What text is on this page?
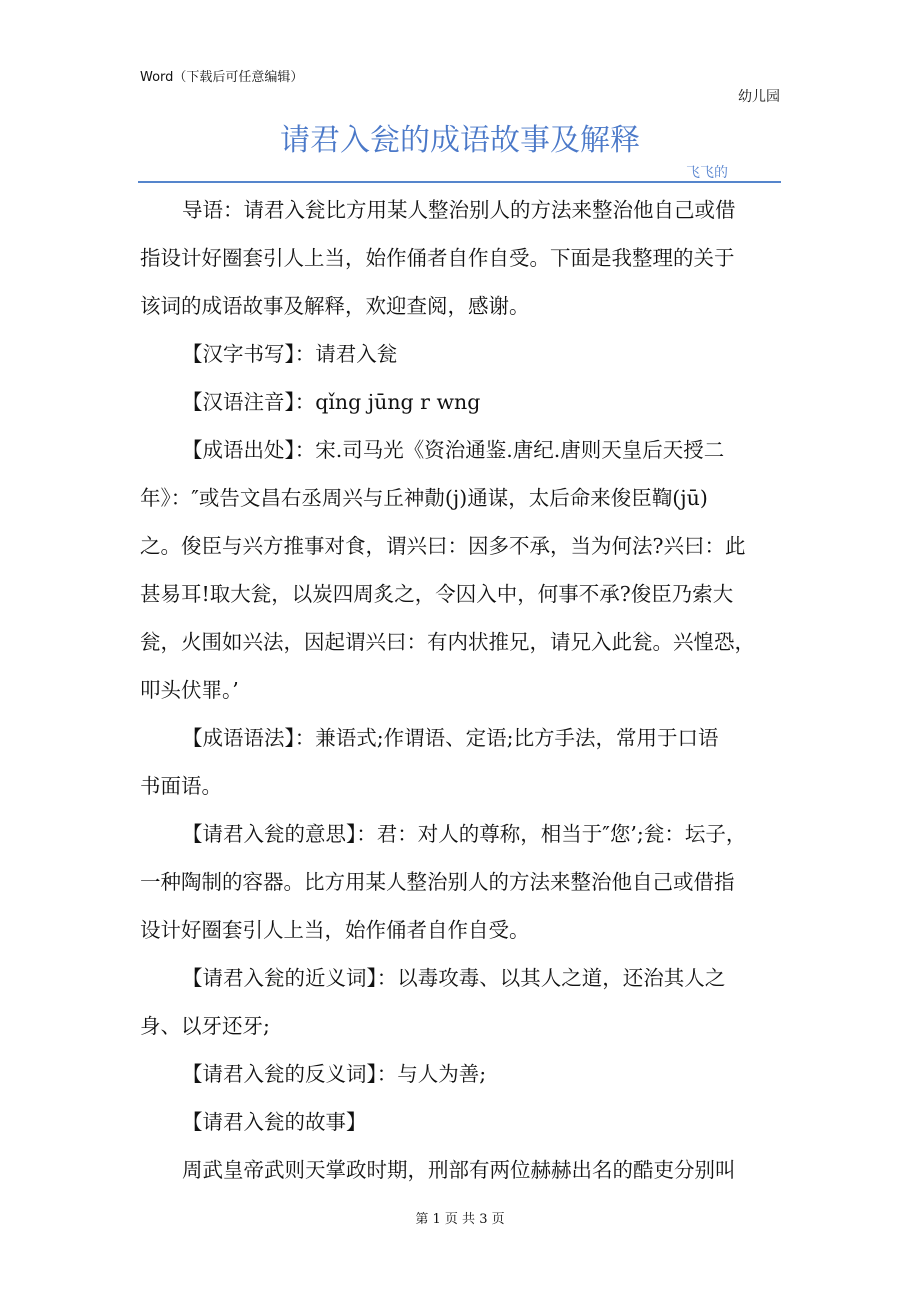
Word（下载后可任意编辑）
幼儿园
请君入瓮的成语故事及解释
飞飞的
导语：请君入瓮比方用某人整治别人的方法来整治他自己或借
指设计好圈套引人上当，始作俑者自作自受。下面是我整理的关于
该词的成语故事及解释，欢迎查阅，感谢。
【汉字书写】：请君入瓮
【汉语注音】：qǐng jūng r wng
【成语出处】：宋.司马光《资治通鉴.唐纪.唐则天皇后天授二
年》：″或告文昌右丞周兴与丘神勣(j)通谋，太后命来俊臣鞫(jū)
之。俊臣与兴方推事对食，谓兴曰：因多不承，当为何法?兴曰：此
甚易耳!取大瓮，以炭四周炙之，令囚入中，何事不承?俊臣乃索大
瓮，火围如兴法，因起谓兴曰：有内状推兄，请兄入此瓮。兴惶恐，
叩头伏罪。’
【成语语法】：兼语式;作谓语、定语;比方手法，常用于口语
书面语。
【请君入瓮的意思】：君：对人的尊称，相当于″您’;瓮：坛子，
一种陶制的容器。比方用某人整治别人的方法来整治他自己或借指
设计好圈套引人上当，始作俑者自作自受。
【请君入瓮的近义词】：以毒攻毒、以其人之道，还治其人之
身、以牙还牙;
【请君入瓮的反义词】：与人为善;
【请君入瓮的故事】
周武皇帝武则天掌政时期，刑部有两位赫赫出名的酷吏分别叫
第 1 页 共 3 页
